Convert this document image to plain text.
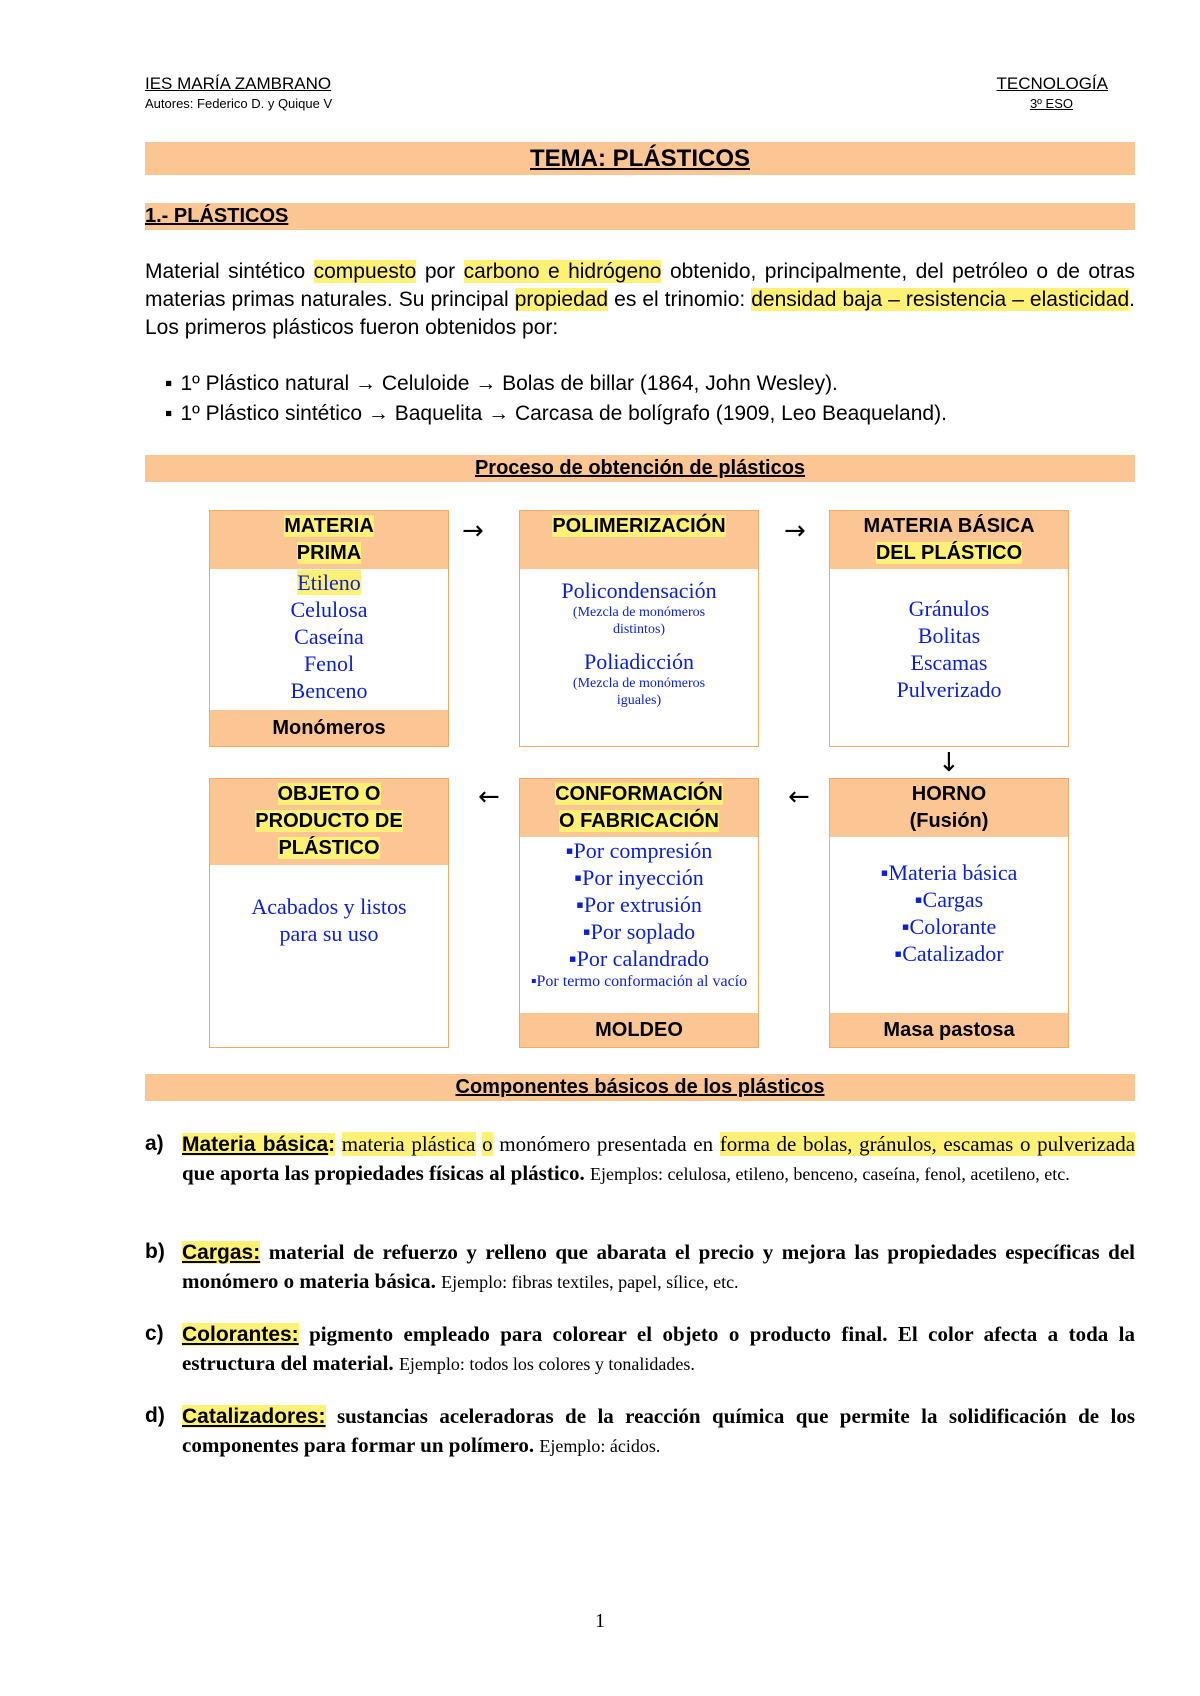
IES MARÍA ZAMBRANO
Autores: Federico D. y Quique V
TECNOLOGÍA
3º ESO
TEMA: PLÁSTICOS
1.- PLÁSTICOS
Material sintético compuesto por carbono e hidrógeno obtenido, principalmente, del petróleo o de otras materias primas naturales. Su principal propiedad es el trinomio: densidad baja – resistencia – elasticidad. Los primeros plásticos fueron obtenidos por:
▪ 1º Plástico natural → Celuloide → Bolas de billar (1864, John Wesley).
▪ 1º Plástico sintético → Baquelita → Carcasa de bolígrafo (1909, Leo Beaqueland).
Proceso de obtención de plásticos
MATERIA
PRIMA
Etileno
Celulosa
Caseína
Fenol
Benceno
Monómeros
→	POLIMERIZACIÓN
Policondensación
(Mezcla de monómeros distintos)
Poliadicción
(Mezcla de monómeros iguales)
→	MATERIA BÁSICA
DEL PLÁSTICO
Gránulos
Bolitas
Escamas
Pulverizado
↓
OBJETO O
PRODUCTO DE
PLÁSTICO
Acabados y listos
para su uso
←	CONFORMACIÓN
O FABRICACIÓN
▪ Por compresión
▪ Por inyección
▪ Por extrusión
▪ Por soplado
▪ Por calandrado
▪ Por termo conformación al vacío
MOLDEO
←	HORNO
(Fusión)
▪ Materia básica
▪ Cargas
▪ Colorante
▪ Catalizador
Masa pastosa
Componentes básicos de los plásticos
a) Materia básica: materia plástica o monómero presentada en forma de bolas, gránulos, escamas o pulverizada que aporta las propiedades físicas al plástico. Ejemplos: celulosa, etileno, benceno, caseína, fenol, acetileno, etc.
b) Cargas: material de refuerzo y relleno que abarata el precio y mejora las propiedades específicas del monómero o materia básica. Ejemplo: fibras textiles, papel, sílice, etc.
c) Colorantes: pigmento empleado para colorear el objeto o producto final. El color afecta a toda la estructura del material. Ejemplo: todos los colores y tonalidades.
d) Catalizadores: sustancias aceleradoras de la reacción química que permite la solidificación de los componentes para formar un polímero. Ejemplo: ácidos.
1
